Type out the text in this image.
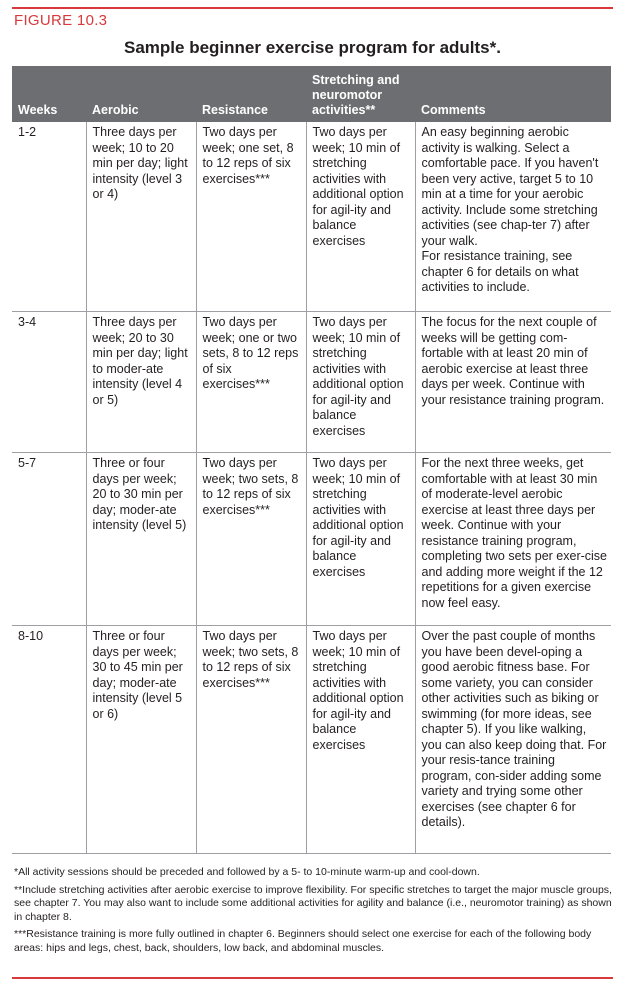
FIGURE 10.3
Sample beginner exercise program for adults*.
Weeks	Aerobic	Resistance	Stretching and neuromotor activities**	Comments
1-2	Three days per week; 10 to 20 min per day; light intensity (level 3 or 4)	Two days per week; one set, 8 to 12 reps of six exercises***	Two days per week; 10 min of stretching activities with additional option for agil-ity and balance exercises	An easy beginning aerobic activity is walking. Select a comfortable pace. If you haven't been very active, target 5 to 10 min at a time for your aerobic activity. Include some stretching activities (see chap-ter 7) after your walk.
For resistance training, see chapter 6 for details on what activities to include.

3-4	Three days per week; 20 to 30 min per day; light to moder-ate intensity (level 4 or 5)	Two days per week; one or two sets, 8 to 12 reps of six exercises***	Two days per week; 10 min of stretching activities with additional option for agil-ity and balance exercises	The focus for the next couple of weeks will be getting com-fortable with at least 20 min of aerobic exercise at least three days per week. Continue with your resistance training program.
5-7	Three or four days per week; 20 to 30 min per day; moder-ate intensity (level 5)	Two days per week; two sets, 8 to 12 reps of six exercises***	Two days per week; 10 min of stretching activities with additional option for agil-ity and balance exercises	For the next three weeks, get comfortable with at least 30 min of moderate-level aerobic exercise at least three days per week. Continue with your resistance training program, completing two sets per exer-cise and adding more weight if the 12 repetitions for a given exercise now feel easy.
8-10	Three or four days per week; 30 to 45 min per day; moder-ate intensity (level 5 or 6)	Two days per week; two sets, 8 to 12 reps of six exercises***	Two days per week; 10 min of stretching activities with additional option for agil-ity and balance exercises	Over the past couple of months you have been devel-oping a good aerobic fitness base. For some variety, you can consider other activities such as biking or swimming (for more ideas, see chapter 5). If you like walking, you can also keep doing that. For your resis-tance training program, con-sider adding some variety and trying some other exercises (see chapter 6 for details).

*All activity sessions should be preceded and followed by a 5- to 10-minute warm-up and cool-down.

**Include stretching activities after aerobic exercise to improve flexibility. For specific stretches to target the major muscle groups, see chapter 7. You may also want to include some additional activities for agility and balance (i.e., neuromotor training) as shown in chapter 8.

***Resistance training is more fully outlined in chapter 6. Beginners should select one exercise for each of the following body areas: hips and legs, chest, back, shoulders, low back, and abdominal muscles.
